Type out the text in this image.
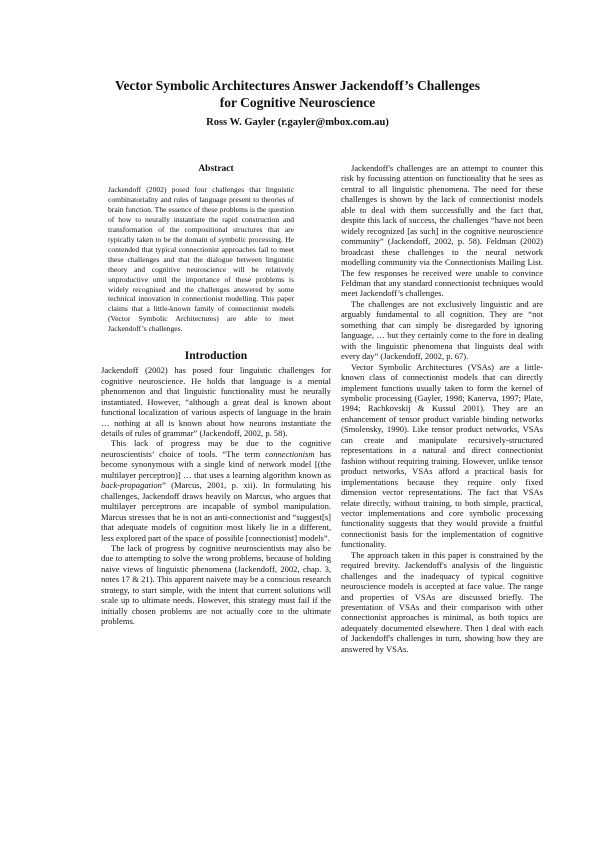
Vector Symbolic Architectures Answer Jackendoff’s Challenges
for Cognitive Neuroscience
Ross W. Gayler (r.gayler@mbox.com.au)
Abstract
Jackendoff (2002) posed four challenges that linguistic combinatoriality and rules of language present to theories of brain function. The essence of these problems is the question of how to neurally instantiate the rapid construction and transformation of the compositional structures that are typically taken to be the domain of symbolic processing. He contended that typical connectionist approaches fail to meet these challenges and that the dialogue between linguistic theory and cognitive neuroscience will be relatively unproductive until the importance of these problems is widely recognised and the challenges answered by some technical innovation in connectionist modelling. This paper claims that a little-known family of connectionist models (Vector Symbolic Architectures) are able to meet Jackendoff’s challenges.
Introduction

Jackendoff (2002) has posed four linguistic challenges for cognitive neuroscience. He holds that language is a mental phenomenon and that linguistic functionality must be neurally instantiated. However, “although a great deal is known about functional localization of various aspects of language in the brain … nothing at all is known about how neurons instantiate the details of rules of grammar” (Jackendoff, 2002, p. 58).

This lack of progress may be due to the cognitive neuroscientists’ choice of tools. “The term connectionism has become synonymous with a single kind of network model [(the multilayer perceptron)] … that uses a learning algorithm known as back-propagation” (Marcus, 2001, p. xii). In formulating his challenges, Jackendoff draws heavily on Marcus, who argues that multilayer perceptrons are incapable of symbol manipulation. Marcus stresses that he is not an anti-connectionist and “suggest[s] that adequate models of cognition most likely lie in a different, less explored part of the space of possible [connectionist] models”.

The lack of progress by cognitive neuroscientists may also be due to attempting to solve the wrong problems, because of holding naive views of linguistic phenomena (Jackendoff, 2002, chap. 3, notes 17 & 21). This apparent naivete may be a conscious research strategy, to start simple, with the intent that current solutions will scale up to ultimate needs. However, this strategy must fail if the initially chosen problems are not actually core to the ultimate problems.

Jackendoff's challenges are an attempt to counter this risk by focussing attention on functionality that he sees as central to all linguistic phenomena. The need for these challenges is shown by the lack of connectionist models able to deal with them successfully and the fact that, despite this lack of success, the challenges “have not been widely recognized [as such] in the cognitive neuroscience community” (Jackendoff, 2002, p. 58). Feldman (2002) broadcast these challenges to the neural network modelling community via the Connectionists Mailing List. The few responses he received were unable to convince Feldman that any standard connectionist techniques would meet Jackendoff’s challenges.

The challenges are not exclusively linguistic and are arguably fundamental to all cognition. They are “not something that can simply be disregarded by ignoring language, … but they certainly come to the fore in dealing with the linguistic phenomena that linguists deal with every day” (Jackendoff, 2002, p. 67).

Vector Symbolic Architectures (VSAs) are a little-known class of connectionist models that can directly implement functions usually taken to form the kernel of symbolic processing (Gayler, 1998; Kanerva, 1997; Plate, 1994; Rachkovskij & Kussul 2001). They are an enhancement of tensor product variable binding networks (Smolensky, 1990). Like tensor product networks, VSAs can create and manipulate recursively-structured representations in a natural and direct connectionist fashion without requiring training. However, unlike tensor product networks, VSAs afford a practical basis for implementations because they require only fixed dimension vector representations. The fact that VSAs relate directly, without training, to both simple, practical, vector implementations and core symbolic processing functionality suggests that they would provide a fruitful connectionist basis for the implementation of cognitive functionality.

The approach taken in this paper is constrained by the required brevity. Jackendoff's analysis of the linguistic challenges and the inadequacy of typical cognitive neuroscience models is accepted at face value. The range and properties of VSAs are discussed briefly. The presentation of VSAs and their comparison with other connectionist approaches is minimal, as both topics are adequately documented elsewhere. Then I deal with each of Jackendoff's challenges in turn, showing how they are answered by VSAs.
